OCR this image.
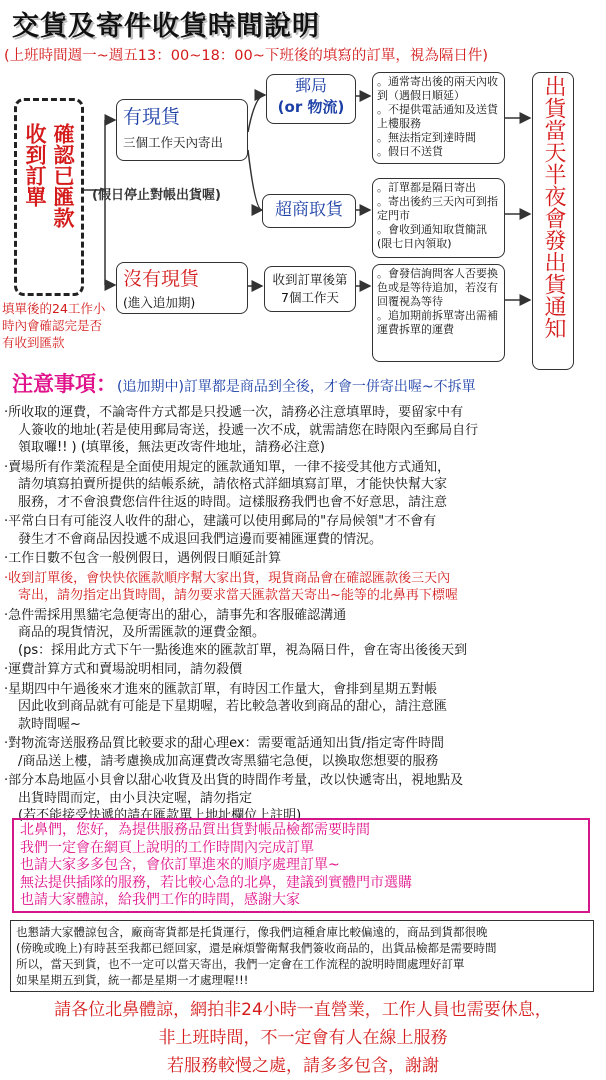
交貨及寄件收貨時間說明
(上班時間週一~週五13：00~18：00~下班後的填寫的訂單，視為隔日件)
確認已匯款
收到訂單
填單後的24工作小時內會確認完是否有收到匯款
有現貨
三個工作天內寄出
(假日停止對帳出貨喔)
郵局
(or 物流)
。通常寄出後的兩天內收到（遇假日順延）
。不提供電話通知及送貨上樓服務
。無法指定到達時間
。假日不送貨
超商取貨
。訂單都是隔日寄出
。寄出後約三天內可到指定門市
。會收到通知取貨簡訊(限七日內領取)
沒有現貨
(進入追加期)
收到訂單後第7個工作天
。會發信詢問客人否要換色或是等待追加，若沒有回覆視為等待
。追加期前拆單寄出需補運費拆單的運費	出貨當天半夜會發出貨通知
注意事項：(追加期中)訂單都是商品到全後，才會一併寄出喔~不拆單
‧所收取的運費，不論寄件方式都是只投遞一次，請務必注意填單時，要留家中有
人簽收的地址(若是使用郵局寄送，投遞一次不成，就需請您在時限內至郵局自行
領取囉!! ) (填單後，無法更改寄件地址，請務必注意)
‧賣場所有作業流程是全面使用規定的匯款通知單，一律不接受其他方式通知，
請勿填寫拍賣所提供的結帳系統，請依格式詳細填寫訂單，才能快快幫大家
服務，才不會浪費您信件往返的時間。這樣服務我們也會不好意思，請注意
‧平常白日有可能沒人收件的甜心，建議可以使用郵局的"存局候領"才不會有
發生才不會商品因投遞不成退回我們這邊而要補匯運費的情況。
‧工作日數不包含一般例假日，遇例假日順延計算
‧收到訂單後，會快快依匯款順序幫大家出貨，現貨商品會在確認匯款後三天內
寄出，請勿指定出貨時間，請勿要求當天匯款當天寄出~能等的北鼻再下標喔
‧急件需採用黑貓宅急便寄出的甜心，請事先和客服確認溝通
商品的現貨情況，及所需匯款的運費金額。
(ps：採用此方式下午一點後進來的匯款訂單，視為隔日件，會在寄出後後天到
‧運費計算方式和賣場說明相同，請勿殺價
‧星期四中午過後來才進來的匯款訂單，有時因工作量大，會排到星期五對帳
因此收到商品就有可能是下星期喔，若比較急著收到商品的甜心，請注意匯
款時間喔~
‧對物流寄送服務品質比較要求的甜心理ex：需要電話通知出貨/指定寄件時間
/商品送上樓，請考慮換成加高運費改寄黑貓宅急便，以換取您想要的服務
‧部分本島地區小貝會以甜心收貨及出貨的時間作考量，改以快遞寄出，視地點及
出貨時間而定，由小貝決定喔，請勿指定
(若不能接受快遞的請在匯款單上地址欄位上註明)
北鼻們，您好，為提供服務品質出貨對帳品檢都需要時間
我們一定會在網頁上說明的工作時間內完成訂單
也請大家多多包含，會依訂單進來的順序處理訂單~
無法提供插隊的服務，若比較心急的北鼻，建議到實體門市選購
也請大家體諒，給我們工作的時間，感謝大家
也懇請大家體諒包含，廠商寄貨都是托貨運行，像我們這種倉庫比較偏遠的，商品到貨都很晚
(傍晚或晚上)有時甚至我都已經回家，還是麻煩警衛幫我們簽收商品的，出貨品檢都是需要時間
所以，當天到貨，也不一定可以當天寄出，我們一定會在工作流程的說明時間處理好訂單
如果星期五到貨，統一都是星期一才處理喔!!!
請各位北鼻體諒，網拍非24小時一直營業，工作人員也需要休息，
非上班時間，不一定會有人在線上服務
若服務較慢之處，請多多包含，謝謝
